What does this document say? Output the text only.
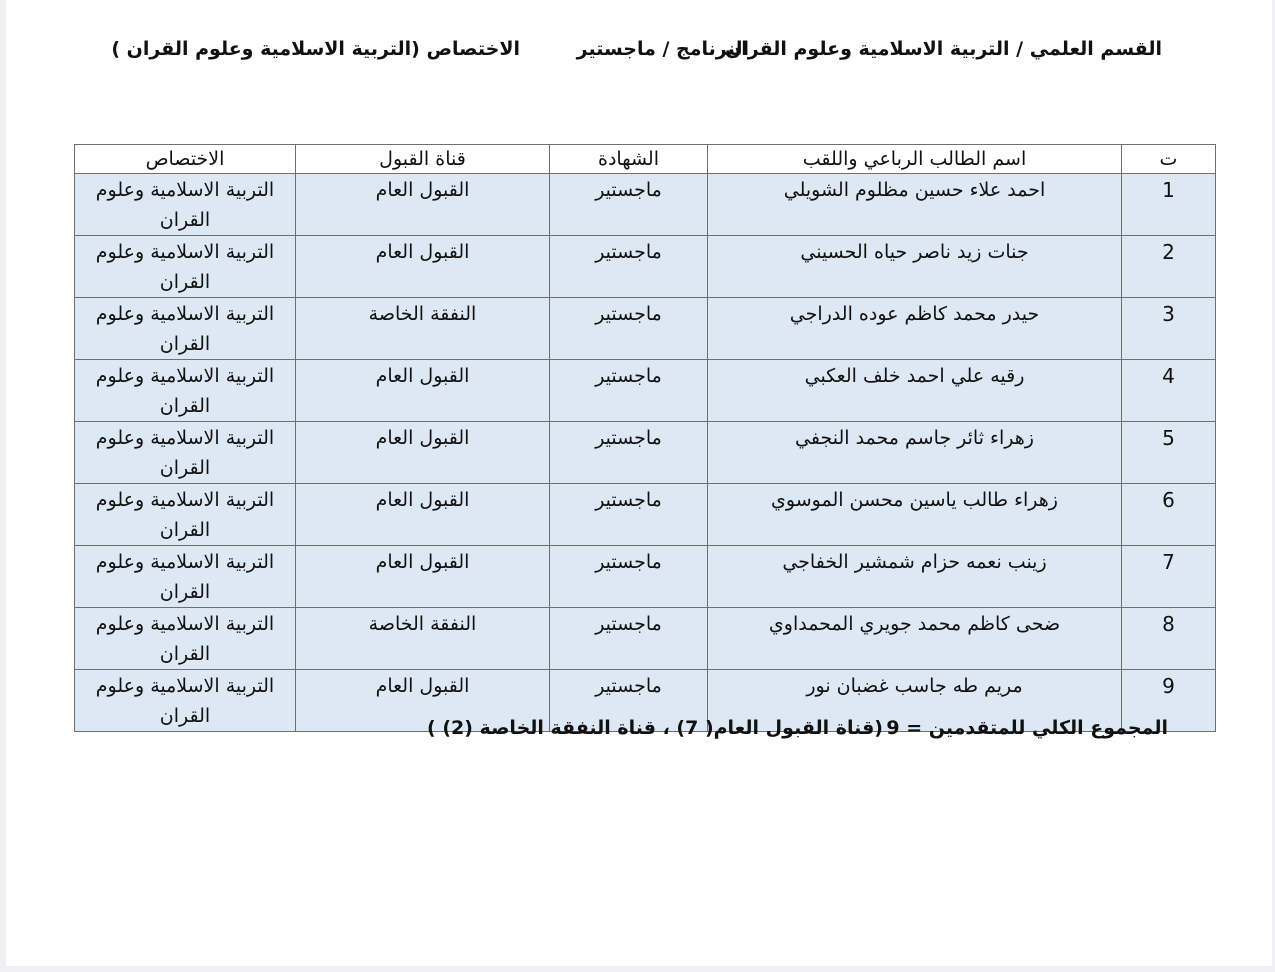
القسم العلمي / التربية الاسلامية وعلوم القران
البرنامج / ماجستير
الاختصاص (التربية الاسلامية وعلوم القران )
ت	اسم الطالب الرباعي واللقب	الشهادة	قناة القبول	الاختصاص
1	احمد علاء حسين مظلوم الشويلي	ماجستير	القبول العام	التربية الاسلامية وعلوم القران
2	جنات زيد ناصر حياه الحسيني	ماجستير	القبول العام	التربية الاسلامية وعلوم القران
3	حيدر محمد كاظم عوده الدراجي	ماجستير	النفقة الخاصة	التربية الاسلامية وعلوم القران
4	رقيه علي احمد خلف العكبي	ماجستير	القبول العام	التربية الاسلامية وعلوم القران
5	زهراء ثائر جاسم محمد النجفي	ماجستير	القبول العام	التربية الاسلامية وعلوم القران
6	زهراء طالب ياسين محسن الموسوي	ماجستير	القبول العام	التربية الاسلامية وعلوم القران
7	زينب نعمه حزام شمشير الخفاجي	ماجستير	القبول العام	التربية الاسلامية وعلوم القران
8	ضحى كاظم محمد جويري المحمداوي	ماجستير	النفقة الخاصة	التربية الاسلامية وعلوم القران
9	مريم طه جاسب غضبان نور	ماجستير	القبول العام	التربية الاسلامية وعلوم القران
المجموع الكلي للمتقدمين = 9
(قناة القبول العام( 7) ، قناة النفقة الخاصة (2) )
